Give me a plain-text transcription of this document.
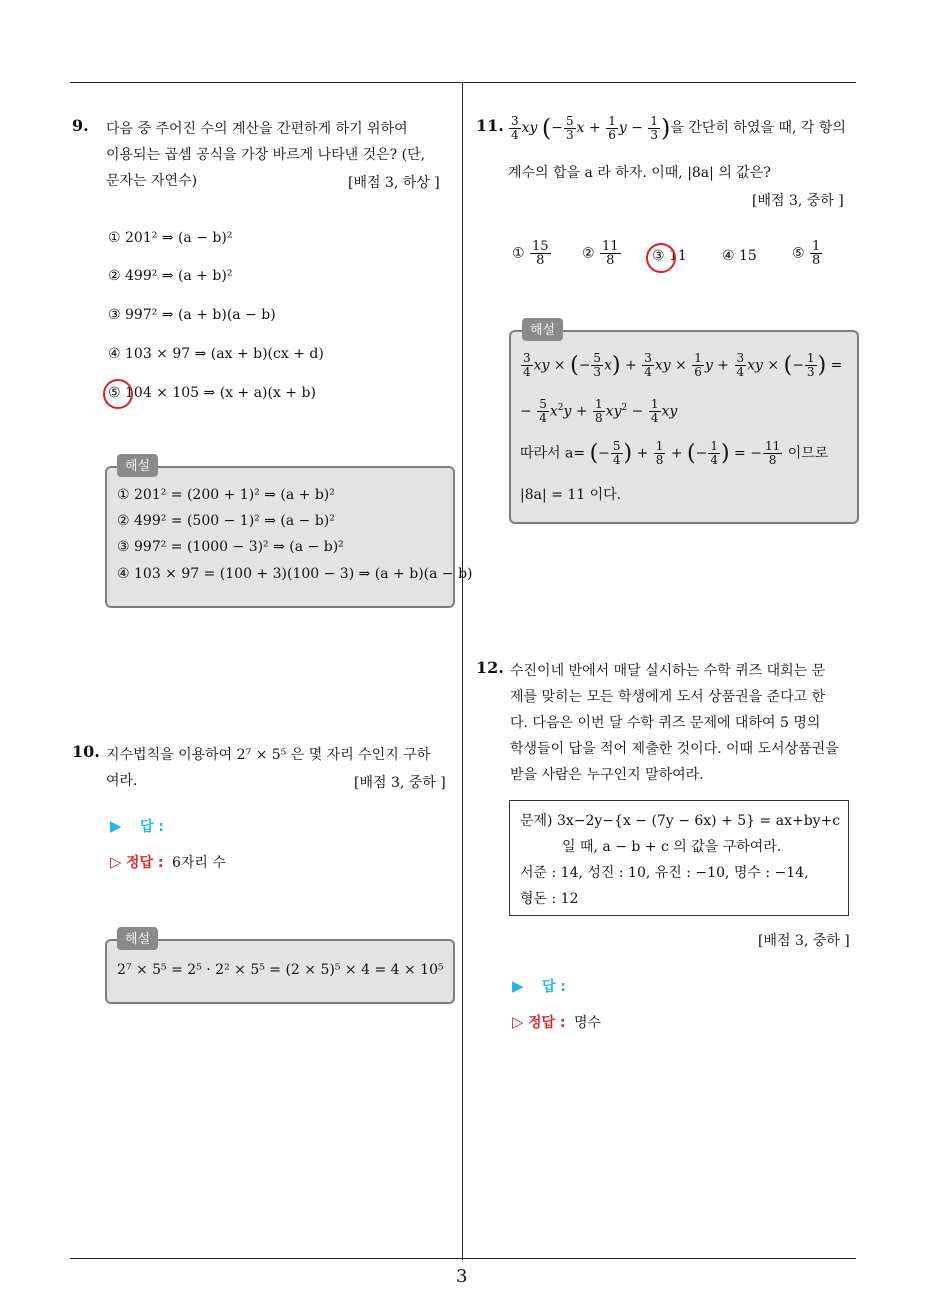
3
9. 다음 중 주어진 수의 계산을 간편하게 하기 위하여
이용되는 곱셈 공식을 가장 바르게 나타낸 것은? (단,
문자는 자연수)	[배점 3, 하상 ]
① 201² ⇒ (a − b)²
② 499² ⇒ (a + b)²
③ 997² ⇒ (a + b)(a − b)
④ 103 × 97 ⇒ (ax + b)(cx + d)
⑤ 104 × 105 ⇒ (x + a)(x + b)
해설
① 201² = (200 + 1)² ⇒ (a + b)²
② 499² = (500 − 1)² ⇒ (a − b)²
③ 997² = (1000 − 3)² ⇒ (a − b)²
④ 103 × 97 = (100 + 3)(100 − 3) ⇒ (a + b)(a − b)
10. 지수법칙을 이용하여 2⁷ × 5⁵ 은 몇 자리 수인지 구하
여라.	[배점 3, 중하 ]
▶ 답 :
▷ 정답 : 6자리 수
해설
2⁷ × 5⁵ = 2⁵ · 2² × 5⁵ = (2 × 5)⁵ × 4 = 4 × 10⁵
11. $\frac{3}{4}$ xy (− $\frac{5}{3}$ $x + \frac{1}{6}$ $y - \frac{1}{3}$ )을 간단히 하였을 때, 각 항의
계수의 합을 a 라 하자. 이때, |8a| 의 값은?
[배점 3, 중하 ]
① $\frac{15}{8}$ ② $\frac{11}{8}$ ③ 11	④ 15	⑤ $\frac{1}{8}$
해설
$\frac{3}{4}$ xy × (− $\frac{5}{3} x) + \frac{3}{4}$ xy × $\frac{1}{6}$ $y + \frac{3}{4}$ xy × (− $\frac{1}{3}$ ) =
− $\frac{5}{4} x^2y + \frac{1}{8} xy^2 - \frac{1}{4}$ xy
따라서 a= (− $\frac{5}{4}$ ) + $\frac{1}{8}$ + (− $\frac{1}{4}$ ) = − $\frac{11}{8}$ 이므로
|8a| = 11 이다.
12. 수진이네 반에서 매달 실시하는 수학 퀴즈 대회는 문
제를 맞히는 모든 학생에게 도서 상품권을 준다고 한
다. 다음은 이번 달 수학 퀴즈 문제에 대하여 5 명의
학생들이 답을 적어 제출한 것이다. 이때 도서상품권을
받을 사람은 누구인지 말하여라.
문제) 3x−2y−{x − (7y − 6x) + 5} = ax+by+c
일 때, a − b + c 의 값을 구하여라.
서준 : 14, 성진 : 10, 유진 : −10, 명수 : −14,
형돈 : 12
[배점 3, 중하 ]
▶ 답 :
▷ 정답 : 명수
